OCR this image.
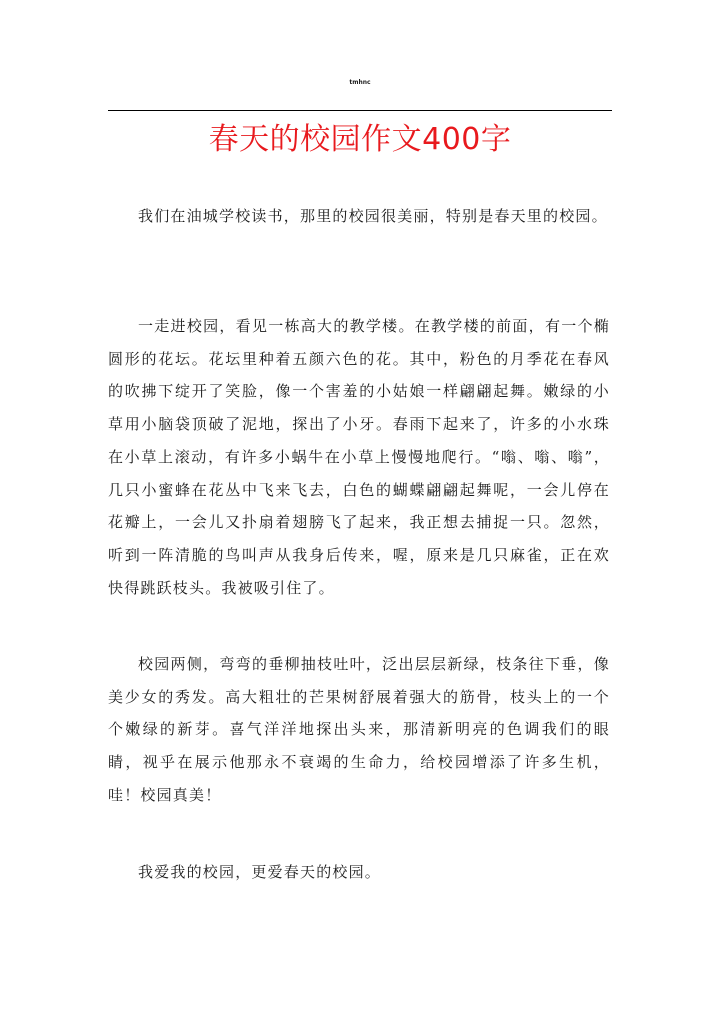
tmhnc
春天的校园作文400字

我们在油城学校读书，那里的校园很美丽，特别是春天里的校园。

一走进校园，看见一栋高大的教学楼。在教学楼的前面，有一个椭圆形的花坛。花坛里种着五颜六色的花。其中，粉色的月季花在春风的吹拂下绽开了笑脸，像一个害羞的小姑娘一样翩翩起舞。嫩绿的小草用小脑袋顶破了泥地，探出了小牙。春雨下起来了，许多的小水珠在小草上滚动，有许多小蜗牛在小草上慢慢地爬行。“嗡、嗡、嗡”，几只小蜜蜂在花丛中飞来飞去，白色的蝴蝶翩翩起舞呢，一会儿停在花瓣上，一会儿又扑扇着翅膀飞了起来，我正想去捕捉一只。忽然，听到一阵清脆的鸟叫声从我身后传来，喔，原来是几只麻雀，正在欢快得跳跃枝头。我被吸引住了。

校园两侧，弯弯的垂柳抽枝吐叶，泛出层层新绿，枝条往下垂，像美少女的秀发。高大粗壮的芒果树舒展着强大的筋骨，枝头上的一个个嫩绿的新芽。喜气洋洋地探出头来，那清新明亮的色调我们的眼睛，视乎在展示他那永不衰竭的生命力，给校园增添了许多生机，哇！校园真美！

我爱我的校园，更爱春天的校园。
